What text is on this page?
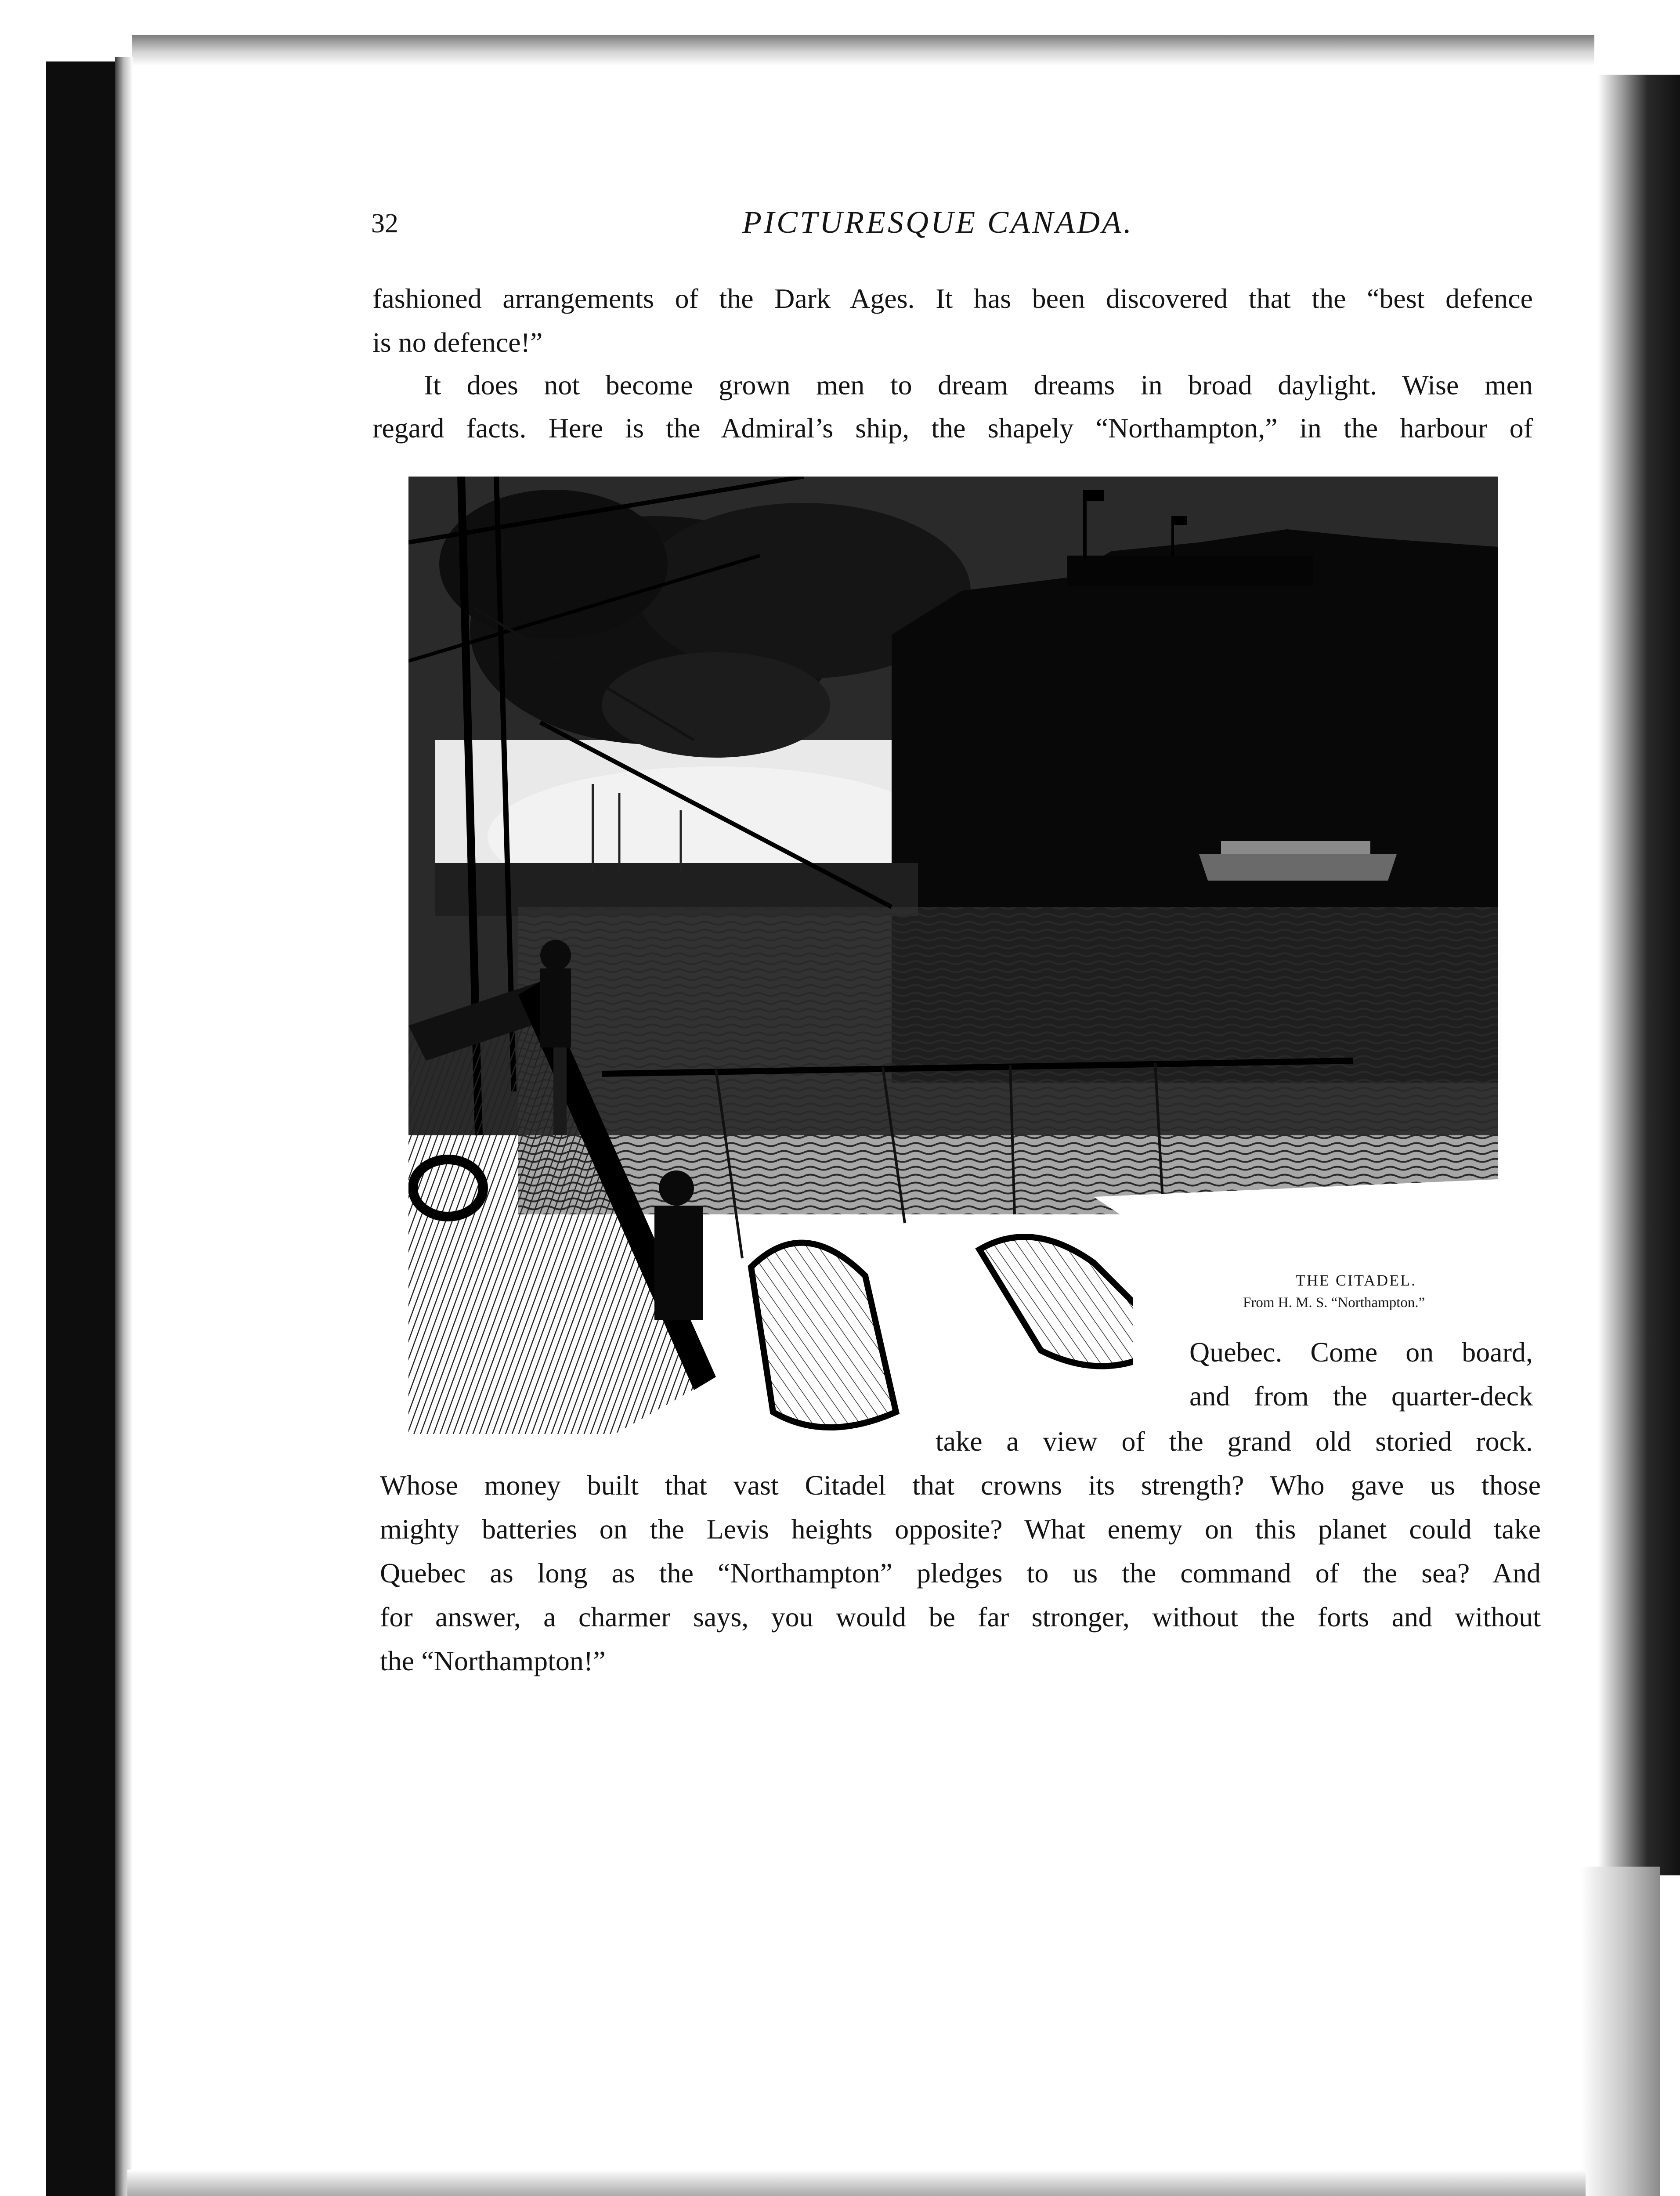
32	PICTURESQUE CANADA.
fashioned arrangements of the Dark Ages. It has been discovered that the “best defence
is no defence!”
It does not become grown men to dream dreams in broad daylight. Wise men
regard facts. Here is the Admiral’s ship, the shapely “Northampton,” in the harbour of
THE CITADEL.
From H. M. S. “Northampton.”
Quebec. Come on board,
and from the quarter-deck
take a view of the grand old storied rock.
Whose money built that vast Citadel that crowns its strength? Who gave us those
mighty batteries on the Levis heights opposite? What enemy on this planet could take
Quebec as long as the “Northampton” pledges to us the command of the sea? And
for answer, a charmer says, you would be far stronger, without the forts and without
the “Northampton!”
